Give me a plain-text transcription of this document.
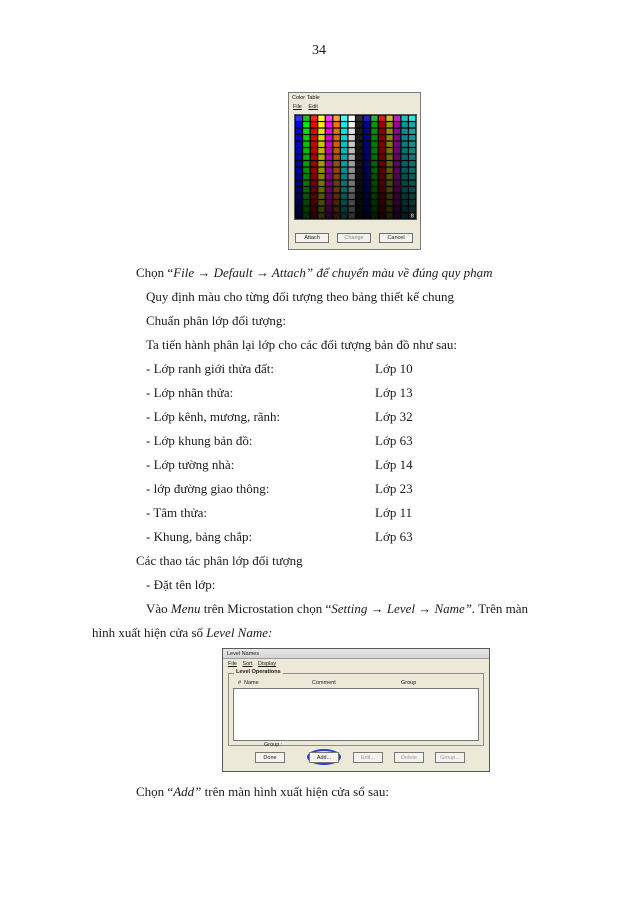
34
Color Table
File Edit
8
Attach	Change	Cancel
Chọn “File → Default → Attach” để chuyển màu về đúng quy phạm
Quy định màu cho từng đối tượng theo bảng thiết kế chung
Chuẩn phân lớp đối tượng:
Ta tiến hành phân lại lớp cho các đối tượng bản đồ như sau:
- Lớp ranh giới thửa đất:	Lớp 10
- Lớp nhãn thửa:	Lớp 13
- Lớp kênh, mương, rãnh:	Lớp 32
- Lớp khung bản đồ:	Lớp 63
- Lớp tường nhà:	Lớp 14
- lớp đường giao thông:	Lớp 23
- Tâm thửa:	Lớp 11
- Khung, bảng chắp:	Lớp 63
Các thao tác phân lớp đối tượng
- Đặt tên lớp:
Vào Menu trên Microstation chọn “Setting → Level → Name”. Trên màn
hình xuất hiện cửa sổ Level Name:
Level Names
File Sort Display
Level Operations
# Name	Comment	Group
Group :
Done	Add...	Edit...	Delete	Group...
Chọn “Add” trên màn hình xuất hiện cửa sổ sau:
